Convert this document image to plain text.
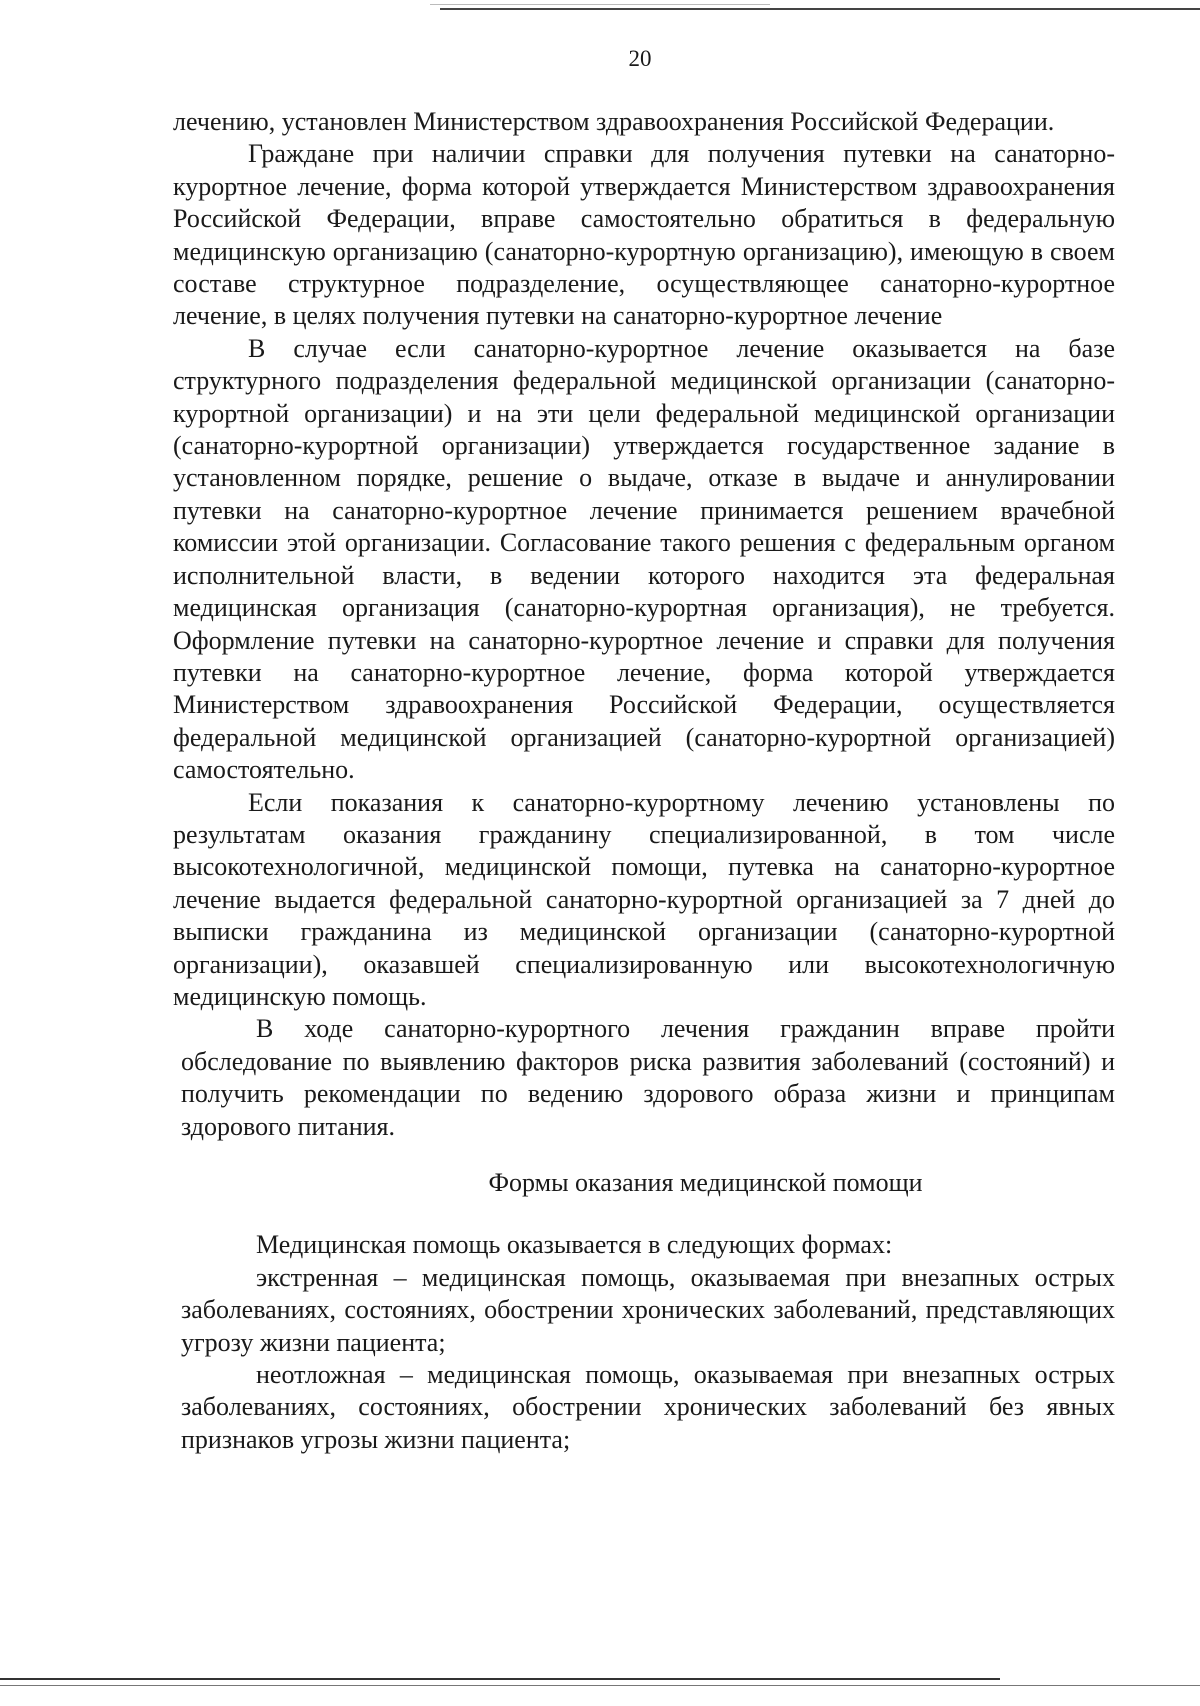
20

лечению, установлен Министерством здравоохранения Российской Федерации.

Граждане при наличии справки для получения путевки на санаторно-курортное лечение, форма которой утверждается Министерством здравоохранения Российской Федерации, вправе самостоятельно обратиться в федеральную медицинскую организацию (санаторно-курортную организацию), имеющую в своем составе структурное подразделение, осуществляющее санаторно-курортное лечение, в целях получения путевки на санаторно-курортное лечение

В случае если санаторно-курортное лечение оказывается на базе структурного подразделения федеральной медицинской организации (санаторно-курортной организации) и на эти цели федеральной медицинской организации (санаторно-курортной организации) утверждается государственное задание в установленном порядке, решение о выдаче, отказе в выдаче и аннулировании путевки на санаторно-курортное лечение принимается решением врачебной комиссии этой организации. Согласование такого решения с федеральным органом исполнительной власти, в ведении которого находится эта федеральная медицинская организация (санаторно-курортная организация), не требуется. Оформление путевки на санаторно-курортное лечение и справки для получения путевки на санаторно-курортное лечение, форма которой утверждается Министерством здравоохранения Российской Федерации, осуществляется федеральной медицинской организацией (санаторно-курортной организацией) самостоятельно.

Если показания к санаторно-курортному лечению установлены по результатам оказания гражданину специализированной, в том числе высокотехнологичной, медицинской помощи, путевка на санаторно-курортное лечение выдается федеральной санаторно-курортной организацией за 7 дней до выписки гражданина из медицинской организации (санаторно-курортной организации), оказавшей специализированную или высокотехнологичную медицинскую помощь.

В ходе санаторно-курортного лечения гражданин вправе пройти обследование по выявлению факторов риска развития заболеваний (состояний) и получить рекомендации по ведению здорового образа жизни и принципам здорового питания.

Формы оказания медицинской помощи

Медицинская помощь оказывается в следующих формах:

экстренная – медицинская помощь, оказываемая при внезапных острых заболеваниях, состояниях, обострении хронических заболеваний, представляющих угрозу жизни пациента;

неотложная – медицинская помощь, оказываемая при внезапных острых заболеваниях, состояниях, обострении хронических заболеваний без явных признаков угрозы жизни пациента;
